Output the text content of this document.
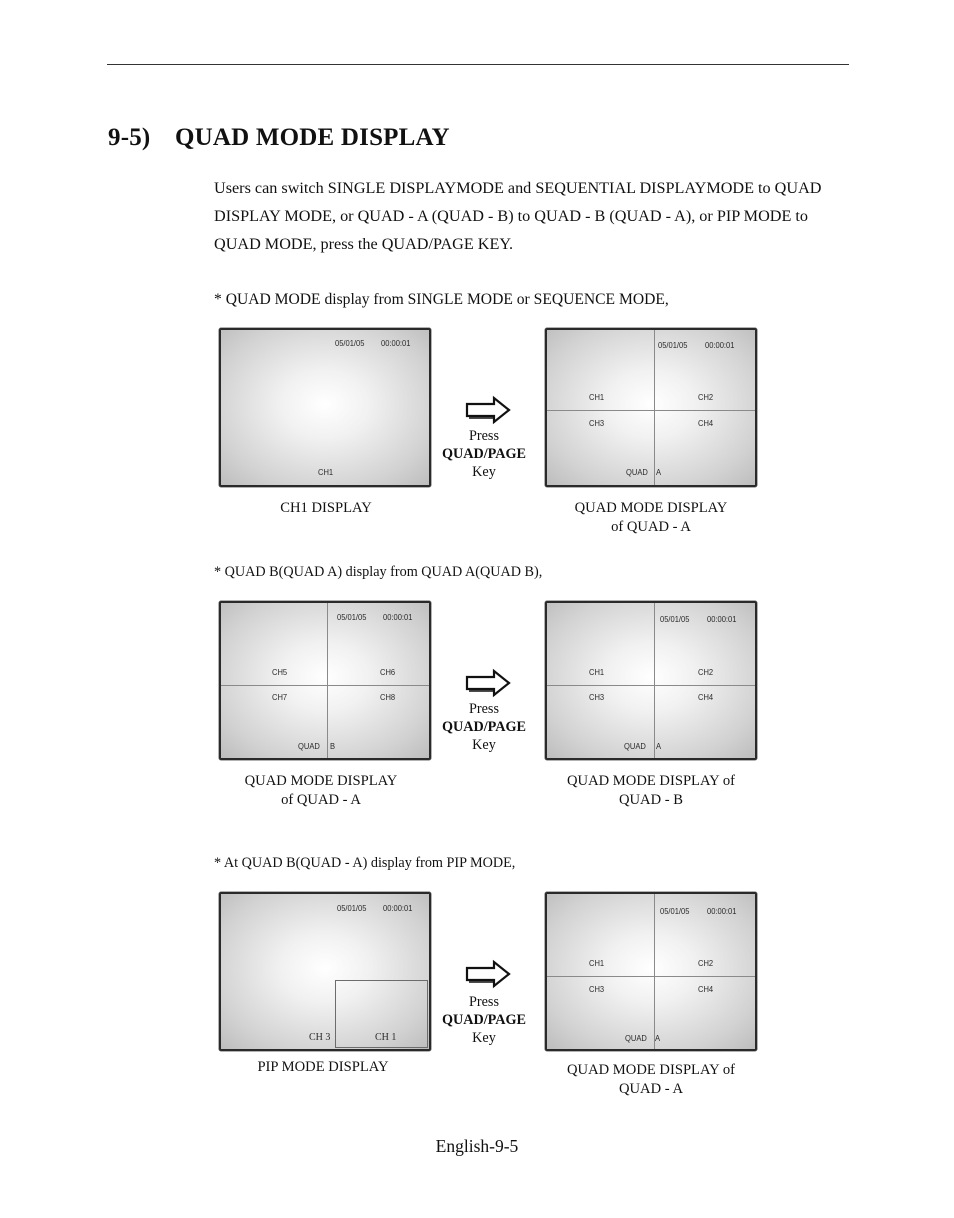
9-5) QUAD MODE DISPLAY
Users can switch SINGLE DISPLAYMODE and SEQUENTIAL DISPLAYMODE to QUAD DISPLAY MODE, or QUAD - A (QUAD - B) to QUAD - B (QUAD - A), or PIP MODE to QUAD MODE, press the QUAD/PAGE KEY.
* QUAD MODE display from SINGLE MODE or SEQUENCE MODE,
05/01/05 00:00:01
CH1
Press
QUAD/PAGE
Key
05/01/05 00:00:01
CH1	CH2
CH3	CH4
QUAD A
CH1 DISPLAY	QUAD MODE DISPLAY
of QUAD - A
* QUAD B(QUAD A) display from QUAD A(QUAD B),
05/01/05 00:00:01
CH5	CH6
CH7	CH8
QUAD B
Press
QUAD/PAGE
Key
05/01/05 00:00:01
CH1	CH2
CH3	CH4
QUAD A
QUAD MODE DISPLAY
of QUAD - A
QUAD MODE DISPLAY of
QUAD - B
* At QUAD B(QUAD - A) display from PIP MODE,
05/01/05 00:00:01
CH 3	CH 1
Press
QUAD/PAGE
Key
05/01/05 00:00:01
CH1	CH2
CH3	CH4
QUAD A
PIP MODE DISPLAY	QUAD MODE DISPLAY of
QUAD - A
English-9-5
